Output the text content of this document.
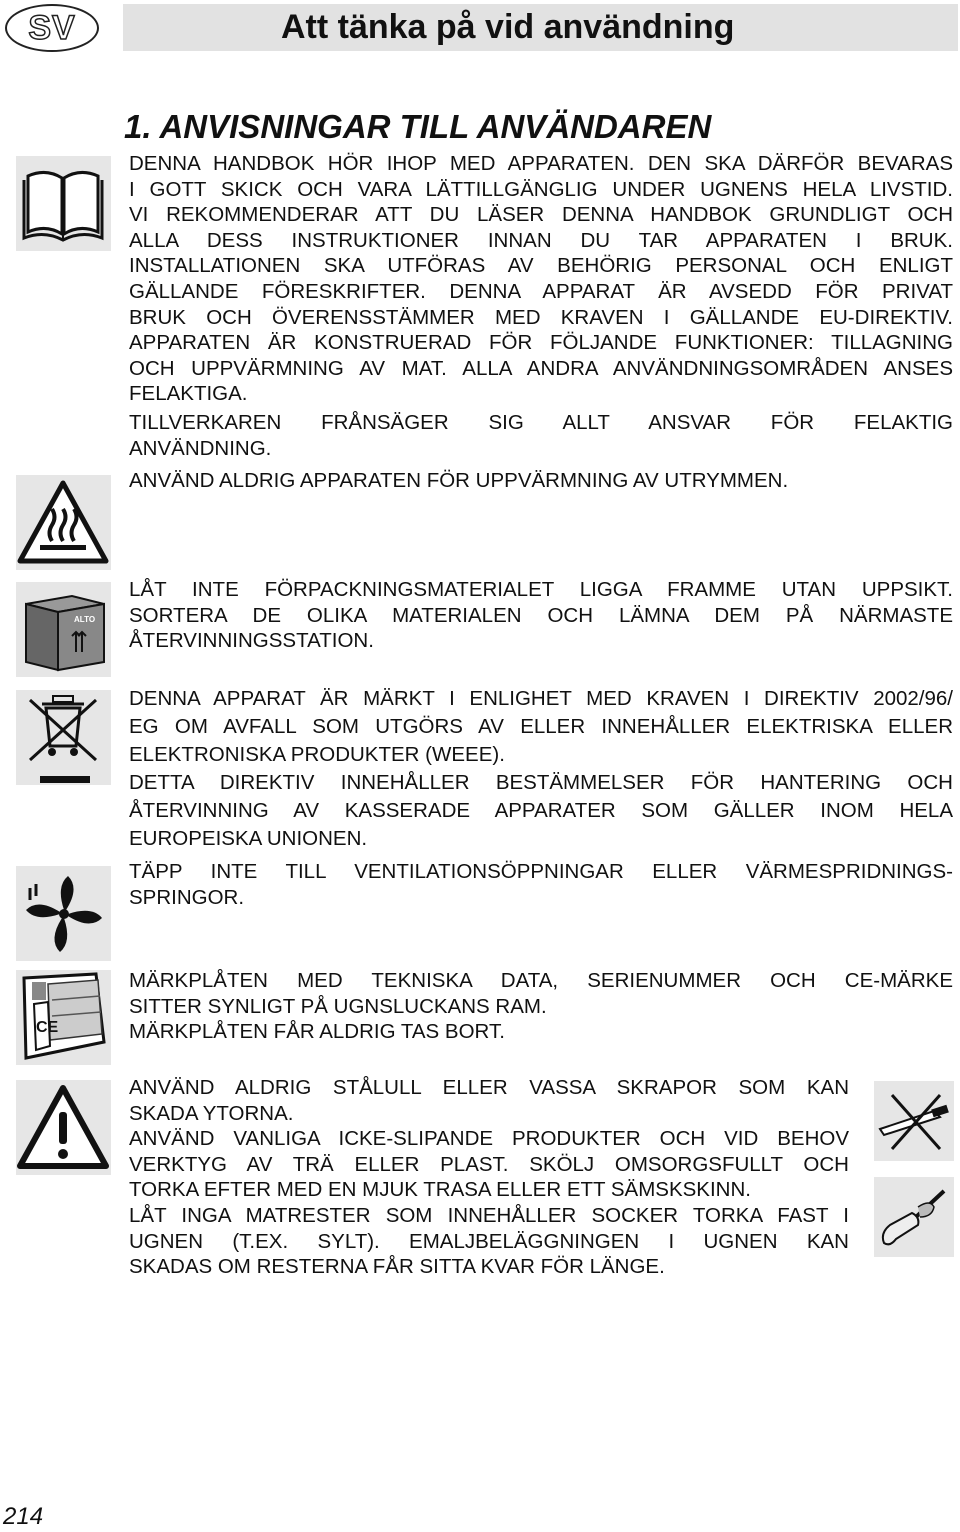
SV	Att tänka på vid användning
1. ANVISNINGAR TILL ANVÄNDAREN
ALTO
CE

DENNA HANDBOK HÖR IHOP MED APPARATEN. DEN SKA DÄRFÖR BEVARAS

I GOTT SKICK OCH VARA LÄTTILLGÄNGLIG UNDER UGNENS HELA LIVSTID.

VI REKOMMENDERAR ATT DU LÄSER DENNA HANDBOK GRUNDLIGT OCH

ALLA DESS INSTRUKTIONER INNAN DU TAR APPARATEN I BRUK.

INSTALLATIONEN SKA UTFÖRAS AV BEHÖRIG PERSONAL OCH ENLIGT

GÄLLANDE FÖRESKRIFTER. DENNA APPARAT ÄR AVSEDD FÖR PRIVAT

BRUK OCH ÖVERENSSTÄMMER MED KRAVEN I GÄLLANDE EU-DIREKTIV.

APPARATEN ÄR KONSTRUERAD FÖR FÖLJANDE FUNKTIONER: TILLAGNING

OCH UPPVÄRMNING AV MAT. ALLA ANDRA ANVÄNDNINGSOMRÅDEN ANSES

FELAKTIGA.

TILLVERKAREN FRÅNSÄGER SIG ALLT ANSVAR FÖR FELAKTIG

ANVÄNDNING.

ANVÄND ALDRIG APPARATEN FÖR UPPVÄRMNING AV UTRYMMEN.

LÅT INTE FÖRPACKNINGSMATERIALET LIGGA FRAMME UTAN UPPSIKT.

SORTERA DE OLIKA MATERIALEN OCH LÄMNA DEM PÅ NÄRMASTE

ÅTERVINNINGSSTATION.

DENNA APPARAT ÄR MÄRKT I ENLIGHET MED KRAVEN I DIREKTIV 2002/96/

EG OM AVFALL SOM UTGÖRS AV ELLER INNEHÅLLER ELEKTRISKA ELLER

ELEKTRONISKA PRODUKTER (WEEE).

DETTA DIREKTIV INNEHÅLLER BESTÄMMELSER FÖR HANTERING OCH

ÅTERVINNING AV KASSERADE APPARATER SOM GÄLLER INOM HELA

EUROPEISKA UNIONEN.

TÄPP INTE TILL VENTILATIONSÖPPNINGAR ELLER VÄRMESPRIDNINGS-

SPRINGOR.

MÄRKPLÅTEN MED TEKNISKA DATA, SERIENUMMER OCH CE-MÄRKE

SITTER SYNLIGT PÅ UGNSLUCKANS RAM.

MÄRKPLÅTEN FÅR ALDRIG TAS BORT.

ANVÄND ALDRIG STÅLULL ELLER VASSA SKRAPOR SOM KAN

SKADA YTORNA.

ANVÄND VANLIGA ICKE-SLIPANDE PRODUKTER OCH VID BEHOV

VERKTYG AV TRÄ ELLER PLAST. SKÖLJ OMSORGSFULLT OCH

TORKA EFTER MED EN MJUK TRASA ELLER ETT SÄMSKSKINN.

LÅT INGA MATRESTER SOM INNEHÅLLER SOCKER TORKA FAST I

UGNEN (T.EX. SYLT). EMALJBELÄGGNINGEN I UGNEN KAN

SKADAS OM RESTERNA FÅR SITTA KVAR FÖR LÄNGE.

214
